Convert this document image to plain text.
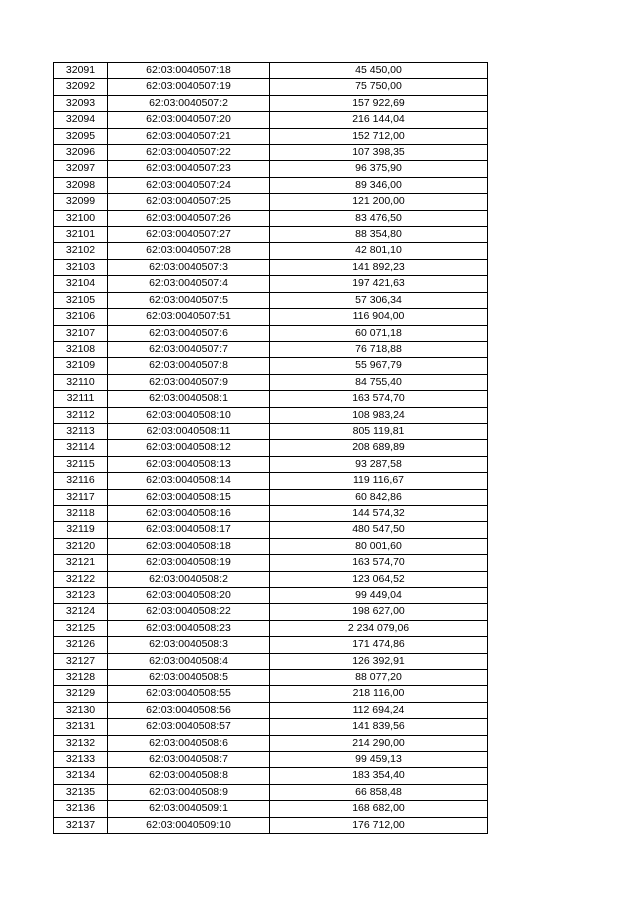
32091	62:03:0040507:18	45 450,00
32092	62:03:0040507:19	75 750,00
32093	62:03:0040507:2	157 922,69
32094	62:03:0040507:20	216 144,04
32095	62:03:0040507:21	152 712,00
32096	62:03:0040507:22	107 398,35
32097	62:03:0040507:23	96 375,90
32098	62:03:0040507:24	89 346,00
32099	62:03:0040507:25	121 200,00
32100	62:03:0040507:26	83 476,50
32101	62:03:0040507:27	88 354,80
32102	62:03:0040507:28	42 801,10
32103	62:03:0040507:3	141 892,23
32104	62:03:0040507:4	197 421,63
32105	62:03:0040507:5	57 306,34
32106	62:03:0040507:51	116 904,00
32107	62:03:0040507:6	60 071,18
32108	62:03:0040507:7	76 718,88
32109	62:03:0040507:8	55 967,79
32110	62:03:0040507:9	84 755,40
32111	62:03:0040508:1	163 574,70
32112	62:03:0040508:10	108 983,24
32113	62:03:0040508:11	805 119,81
32114	62:03:0040508:12	208 689,89
32115	62:03:0040508:13	93 287,58
32116	62:03:0040508:14	119 116,67
32117	62:03:0040508:15	60 842,86
32118	62:03:0040508:16	144 574,32
32119	62:03:0040508:17	480 547,50
32120	62:03:0040508:18	80 001,60
32121	62:03:0040508:19	163 574,70
32122	62:03:0040508:2	123 064,52
32123	62:03:0040508:20	99 449,04
32124	62:03:0040508:22	198 627,00
32125	62:03:0040508:23	2 234 079,06
32126	62:03:0040508:3	171 474,86
32127	62:03:0040508:4	126 392,91
32128	62:03:0040508:5	88 077,20
32129	62:03:0040508:55	218 116,00
32130	62:03:0040508:56	112 694,24
32131	62:03:0040508:57	141 839,56
32132	62:03:0040508:6	214 290,00
32133	62:03:0040508:7	99 459,13
32134	62:03:0040508:8	183 354,40
32135	62:03:0040508:9	66 858,48
32136	62:03:0040509:1	168 682,00
32137	62:03:0040509:10	176 712,00
